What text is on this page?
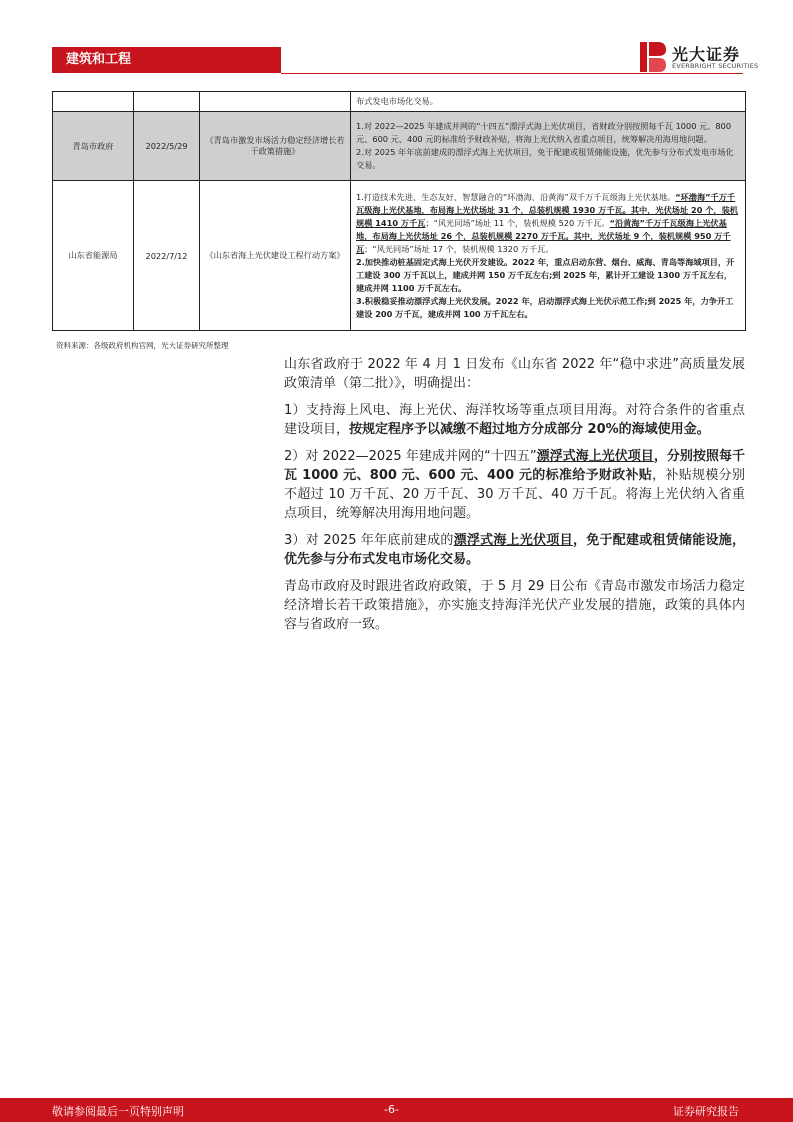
建筑和工程	光大证券
EVERBRIGHT SECURITIES
			布式发电市场化交易。
青岛市政府	2022/5/29	《青岛市激发市场活力稳定经济增长若干政策措施》	1.对 2022—2025 年建成并网的“十四五”漂浮式海上光伏项目，省财政分别按照每千瓦 1000 元、800 元、600 元、400 元的标准给予财政补贴，将海上光伏纳入省重点项目，统筹解决用海用地问题。

2.对 2025 年年底前建成的漂浮式海上光伏项目，免于配建或租赁储能设施，优先参与分布式发电市场化交易。

山东省能源局	2022/7/12	《山东省海上光伏建设工程行动方案》	1.打造技术先进、生态友好、智慧融合的“环渤海、沿黄海”双千万千瓦级海上光伏基地。“环渤海”千万千瓦级海上光伏基地，布局海上光伏场址 31 个，总装机规模 1930 万千瓦。其中，光伏场址 20 个，装机规模 1410 万千瓦；“风光同场”场址 11 个，装机规模 520 万千瓦。“沿黄海”千万千瓦级海上光伏基地，布局海上光伏场址 26 个，总装机规模 2270 万千瓦。其中，光伏场址 9 个，装机规模 950 万千瓦；“风光同场”场址 17 个，装机规模 1320 万千瓦。

2.加快推动桩基固定式海上光伏开发建设。2022 年，重点启动东营、烟台、威海、青岛等海域项目，开工建设 300 万千瓦以上，建成并网 150 万千瓦左右;到 2025 年，累计开工建设 1300 万千瓦左右，建成并网 1100 万千瓦左右。

3.积极稳妥推动漂浮式海上光伏发展。2022 年，启动漂浮式海上光伏示范工作;到 2025 年，力争开工建设 200 万千瓦，建成并网 100 万千瓦左右。

资料来源：各级政府机构官网，光大证券研究所整理

山东省政府于 2022 年 4 月 1 日发布《山东省 2022 年“稳中求进”高质量发展政策清单（第二批）》，明确提出：

1）支持海上风电、海上光伏、海洋牧场等重点项目用海。对符合条件的省重点建设项目，按规定程序予以减缴不超过地方分成部分 20%的海域使用金。

2）对 2022—2025 年建成并网的“十四五”漂浮式海上光伏项目，分别按照每千瓦 1000 元、800 元、600 元、400 元的标准给予财政补贴，补贴规模分别不超过 10 万千瓦、20 万千瓦、30 万千瓦、40 万千瓦。将海上光伏纳入省重点项目，统筹解决用海用地问题。

3）对 2025 年年底前建成的漂浮式海上光伏项目，免于配建或租赁储能设施，优先参与分布式发电市场化交易。

青岛市政府及时跟进省政府政策，于 5 月 29 日公布《青岛市激发市场活力稳定经济增长若干政策措施》，亦实施支持海洋光伏产业发展的措施，政策的具体内容与省政府一致。

敬请参阅最后一页特别声明	-6-	证券研究报告
